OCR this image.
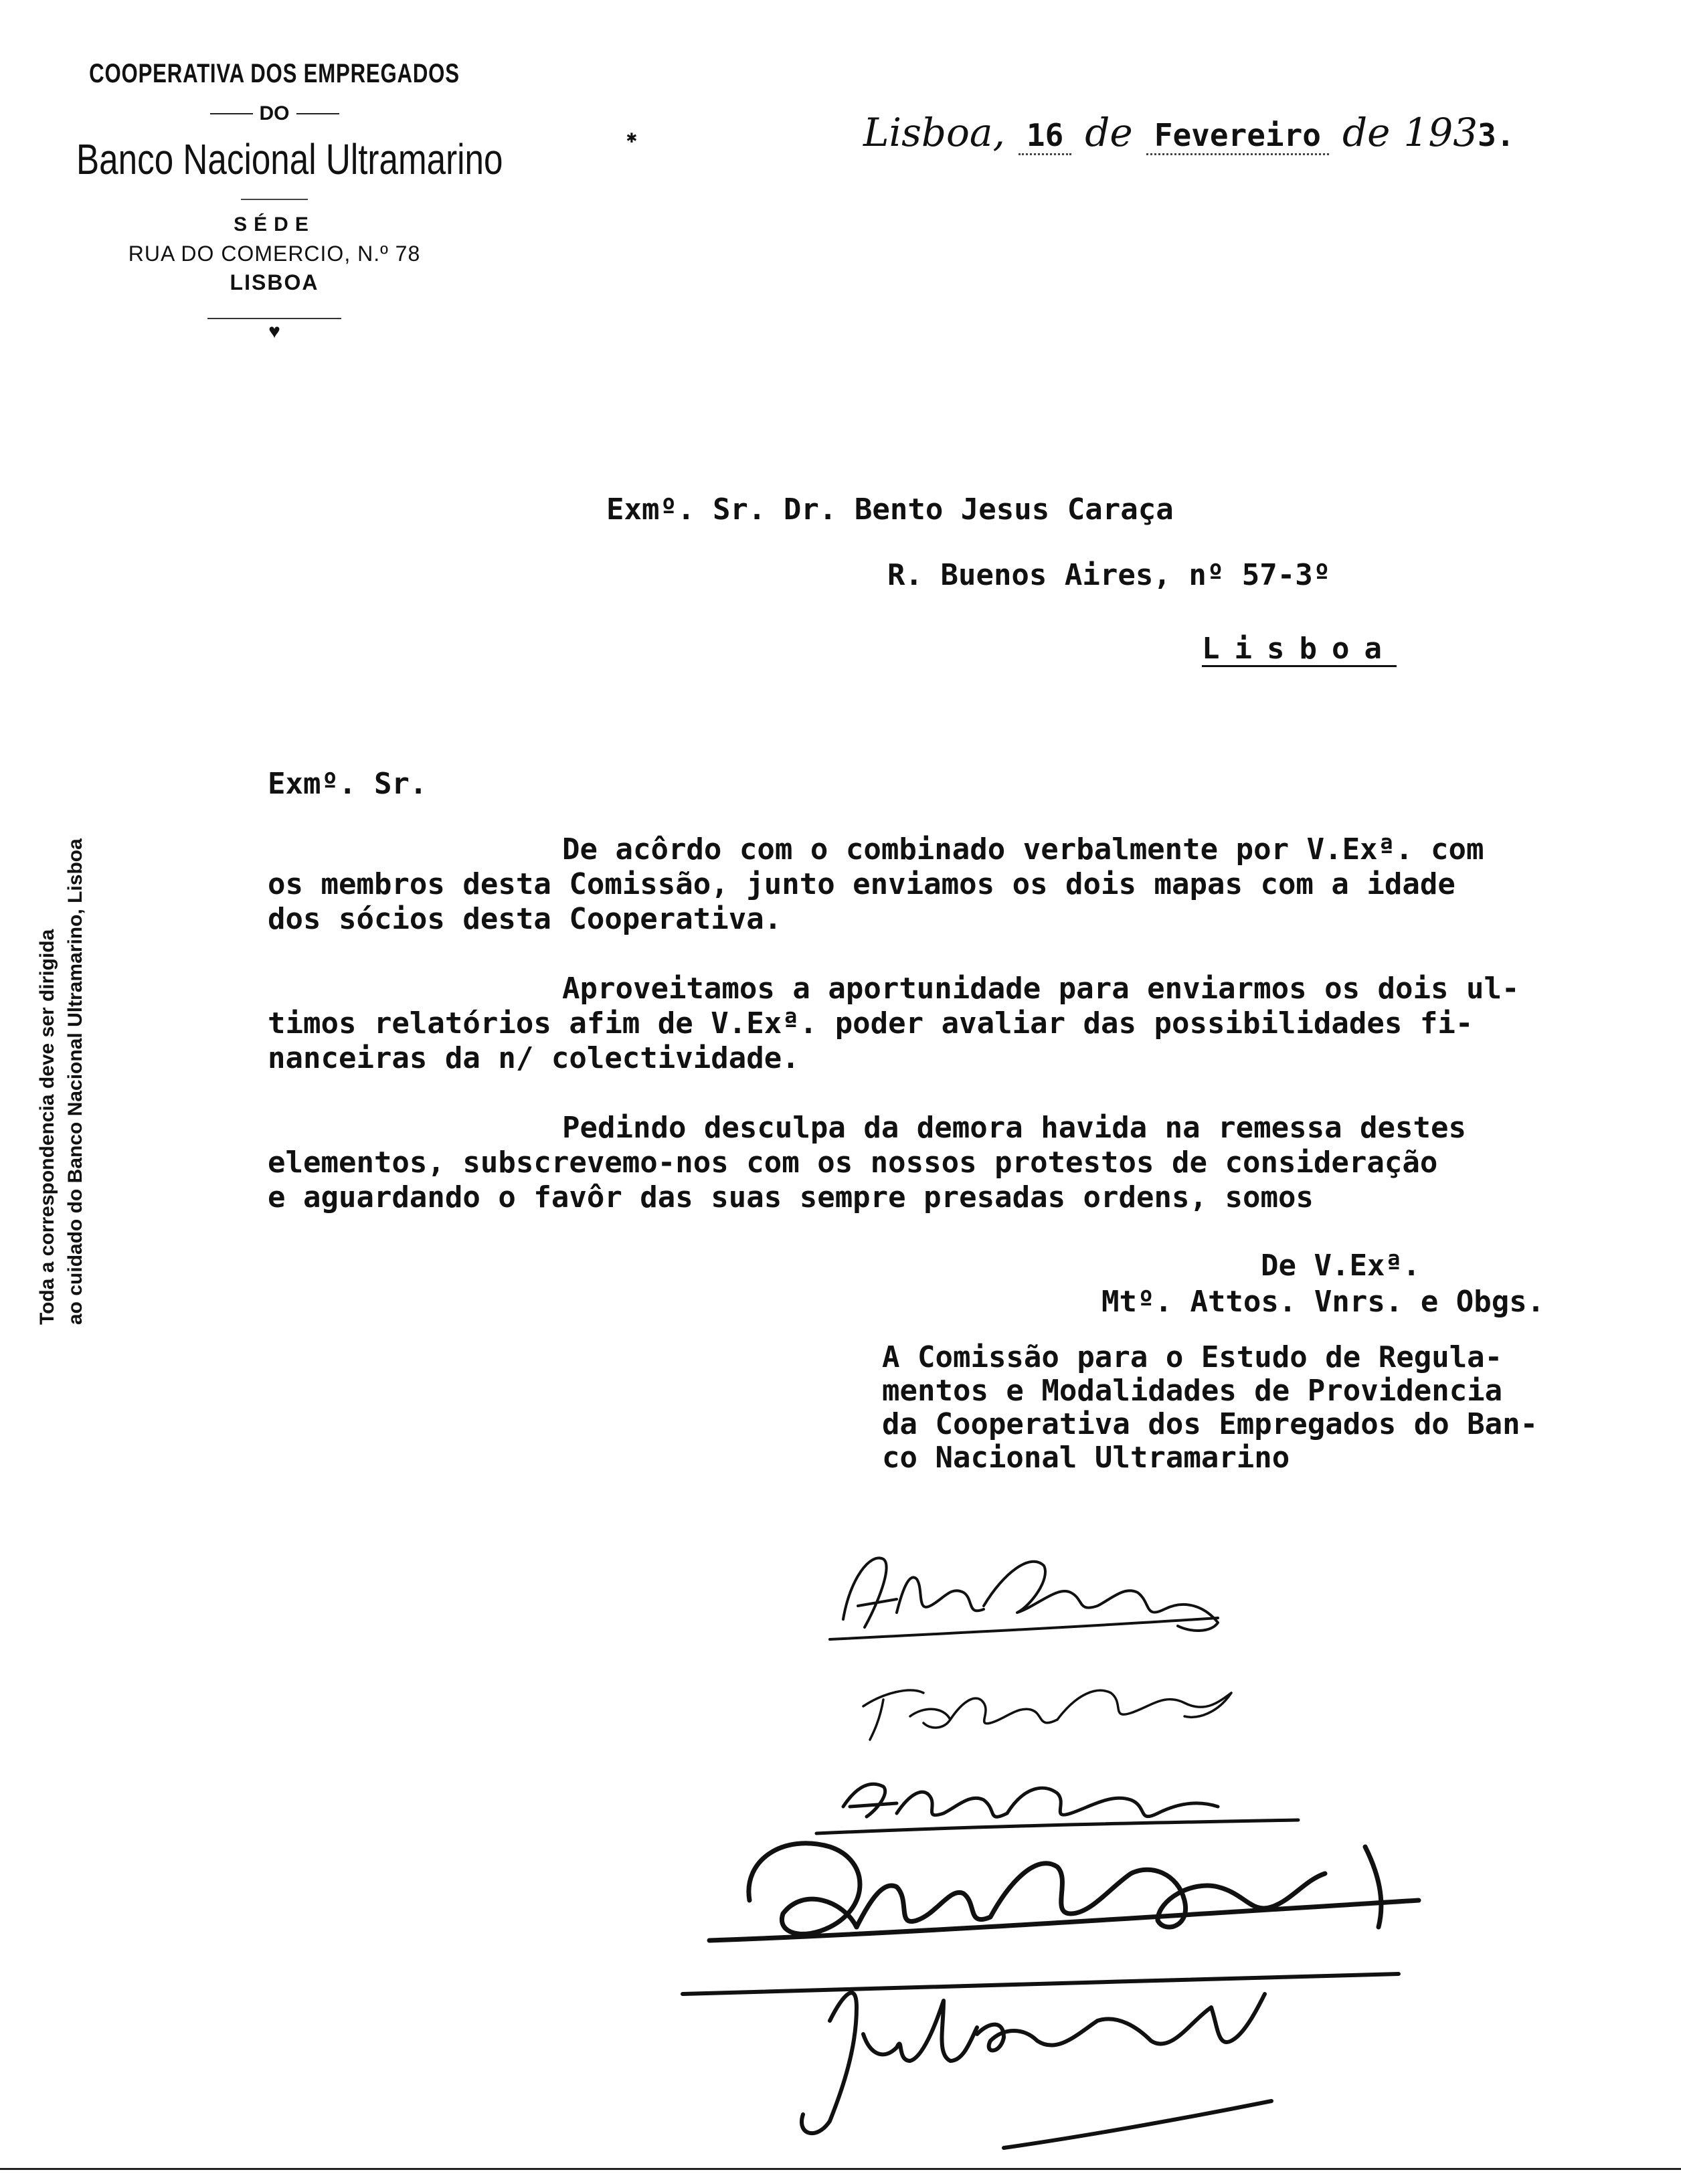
COOPERATIVA DOS EMPREGADOS
DO
Banco Nacional Ultramarino
SÉDE
RUA DO COMERCIO, N.º 78
LISBOA
♥
✱	Lisboa, 16 de Fevereiro de 1933.
Exmº. Sr. Dr. Bento Jesus Caraça
R. Buenos Aires, nº 57-3º
Lisboa
Exmº. Sr.
De acôrdo com o combinado verbalmente por V.Exª. com
os membros desta Comissão, junto enviamos os dois mapas com a idade
dos sócios desta Cooperativa.
Aproveitamos a aportunidade para enviarmos os dois ul-
timos relatórios afim de V.Exª. poder avaliar das possibilidades fi-
nanceiras da n/ colectividade.
Pedindo desculpa da demora havida na remessa destes
elementos, subscrevemo-nos com os nossos protestos de consideração
e aguardando o favôr das suas sempre presadas ordens, somos
De V.Exª.
Mtº. Attos. Vnrs. e Obgs.
A Comissão para o Estudo de Regula-
mentos e Modalidades de Providencia
da Cooperativa dos Empregados do Ban-
co Nacional Ultramarino
Toda a correspondencia deve ser dirigida ao cuidado do Banco Nacional Ultramarino, Lisboa
